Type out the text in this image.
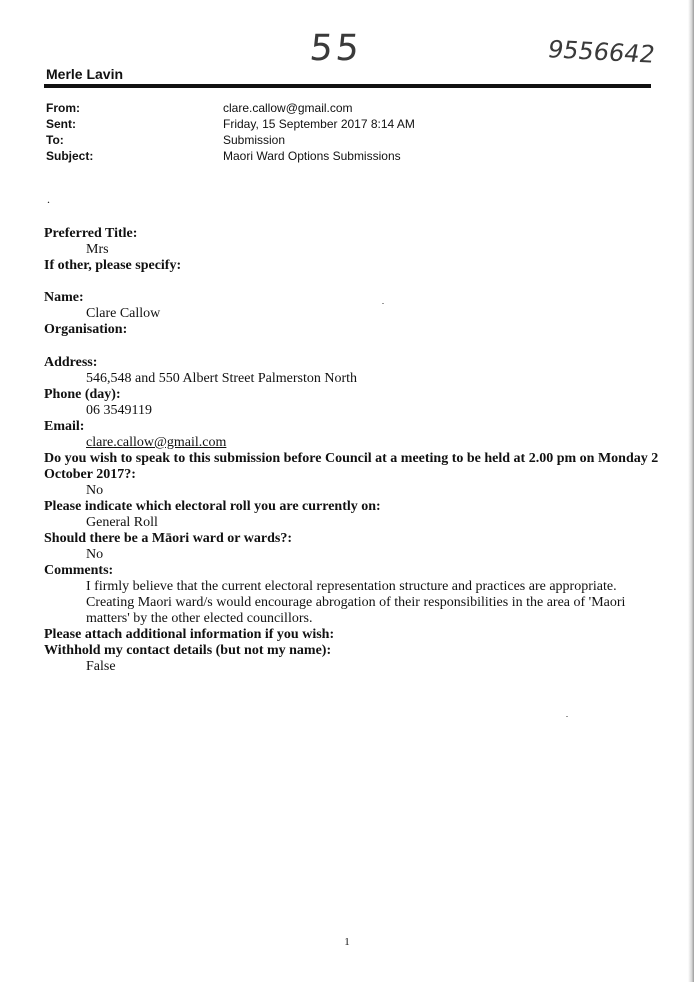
55	9556642
Merle Lavin
From:	clare.callow@gmail.com
Sent:	Friday, 15 September 2017 8:14 AM
To:	Submission
Subject:	Maori Ward Options Submissions
.
Preferred Title:
Mrs
If other, please specify:
Name:
Clare Callow
Organisation:
Address:
546,548 and 550 Albert Street Palmerston North
Phone (day):
06 3549119
Email:
clare.callow@gmail.com
Do you wish to speak to this submission before Council at a meeting to be held at 2.00 pm on Monday 2 October 2017?:
No
Please indicate which electoral roll you are currently on:
General Roll
Should there be a Māori ward or wards?:
No
Comments:
I firmly believe that the current electoral representation structure and practices are appropriate. Creating Maori ward/s would encourage abrogation of their responsibilities in the area of 'Maori matters' by the other elected councillors.
Please attach additional information if you wish:
Withhold my contact details (but not my name):
False
1
